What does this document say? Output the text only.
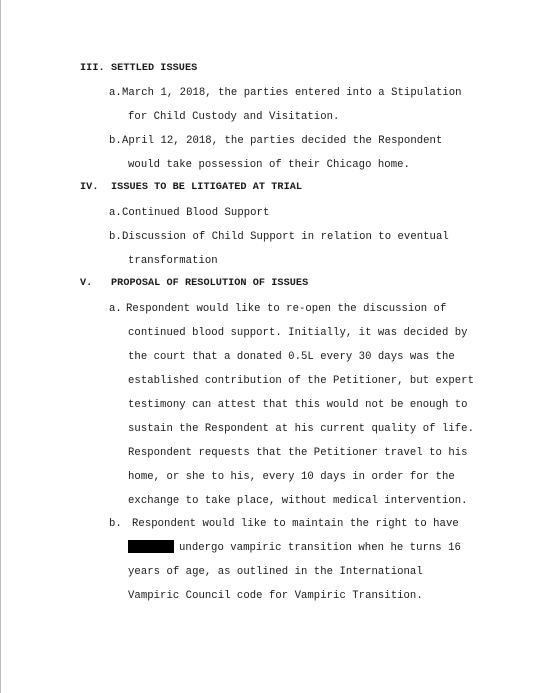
III. SETTLED ISSUES
a. March 1, 2018, the parties entered into a Stipulation
for Child Custody and Visitation.
b. April 12, 2018, the parties decided the Respondent
would take possession of their Chicago home.
IV. ISSUES TO BE LITIGATED AT TRIAL
a. Continued Blood Support
b. Discussion of Child Support in relation to eventual
transformation
V. PROPOSAL OF RESOLUTION OF ISSUES
a. Respondent would like to re-open the discussion of
continued blood support. Initially, it was decided by
the court that a donated 0.5L every 30 days was the
established contribution of the Petitioner, but expert
testimony can attest that this would not be enough to
sustain the Respondent at his current quality of life.
Respondent requests that the Petitioner travel to his
home, or she to his, every 10 days in order for the
exchange to take place, without medical intervention.
b. Respondent would like to maintain the right to have
undergo vampiric transition when he turns 16
years of age, as outlined in the International
Vampiric Council code for Vampiric Transition.
